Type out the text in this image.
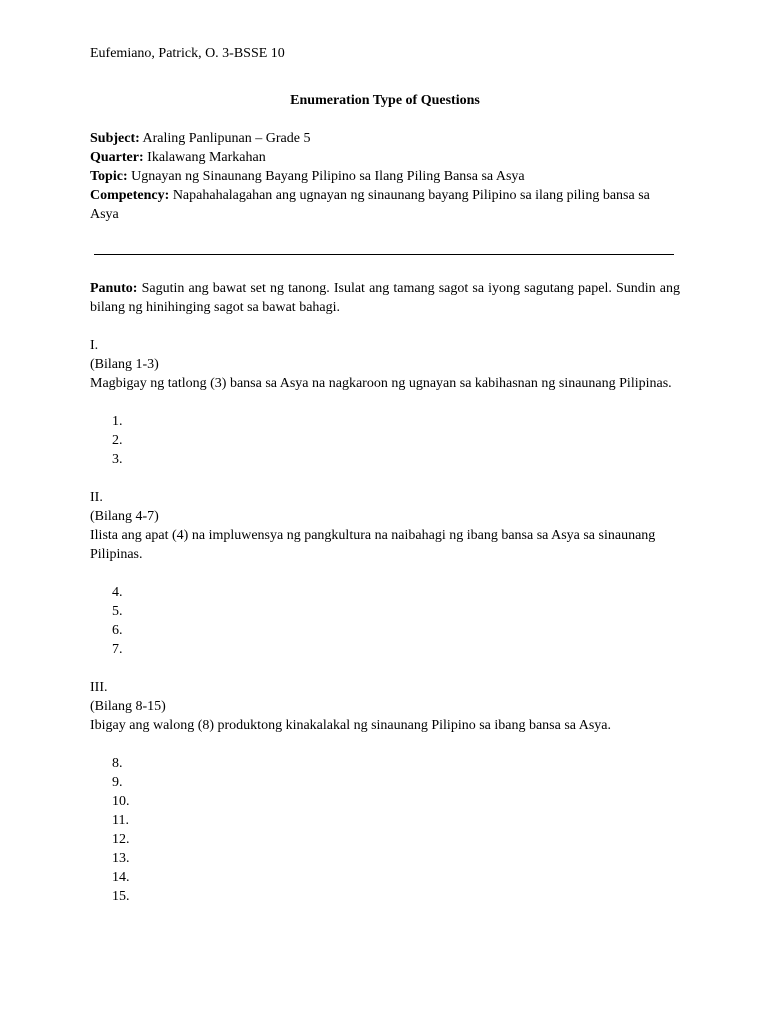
Eufemiano, Patrick, O. 3-BSSE 10

Enumeration Type of Questions

Subject: Araling Panlipunan – Grade 5

Quarter: Ikalawang Markahan

Topic: Ugnayan ng Sinaunang Bayang Pilipino sa Ilang Piling Bansa sa Asya

Competency: Napahahalagahan ang ugnayan ng sinaunang bayang Pilipino sa ilang piling bansa sa Asya

Panuto: Sagutin ang bawat set ng tanong. Isulat ang tamang sagot sa iyong sagutang papel. Sundin ang bilang ng hinihinging sagot sa bawat bahagi.

I.

(Bilang 1-3)

Magbigay ng tatlong (3) bansa sa Asya na nagkaroon ng ugnayan sa kabihasnan ng sinaunang Pilipinas.

1.
2.
3.

II.

(Bilang 4-7)

Ilista ang apat (4) na impluwensya ng pangkultura na naibahagi ng ibang bansa sa Asya sa sinaunang Pilipinas.

4.
5.
6.
7.

III.

(Bilang 8-15)

Ibigay ang walong (8) produktong kinakalakal ng sinaunang Pilipino sa ibang bansa sa Asya.

8.
9.
10.
11.
12.
13.
14.
15.
